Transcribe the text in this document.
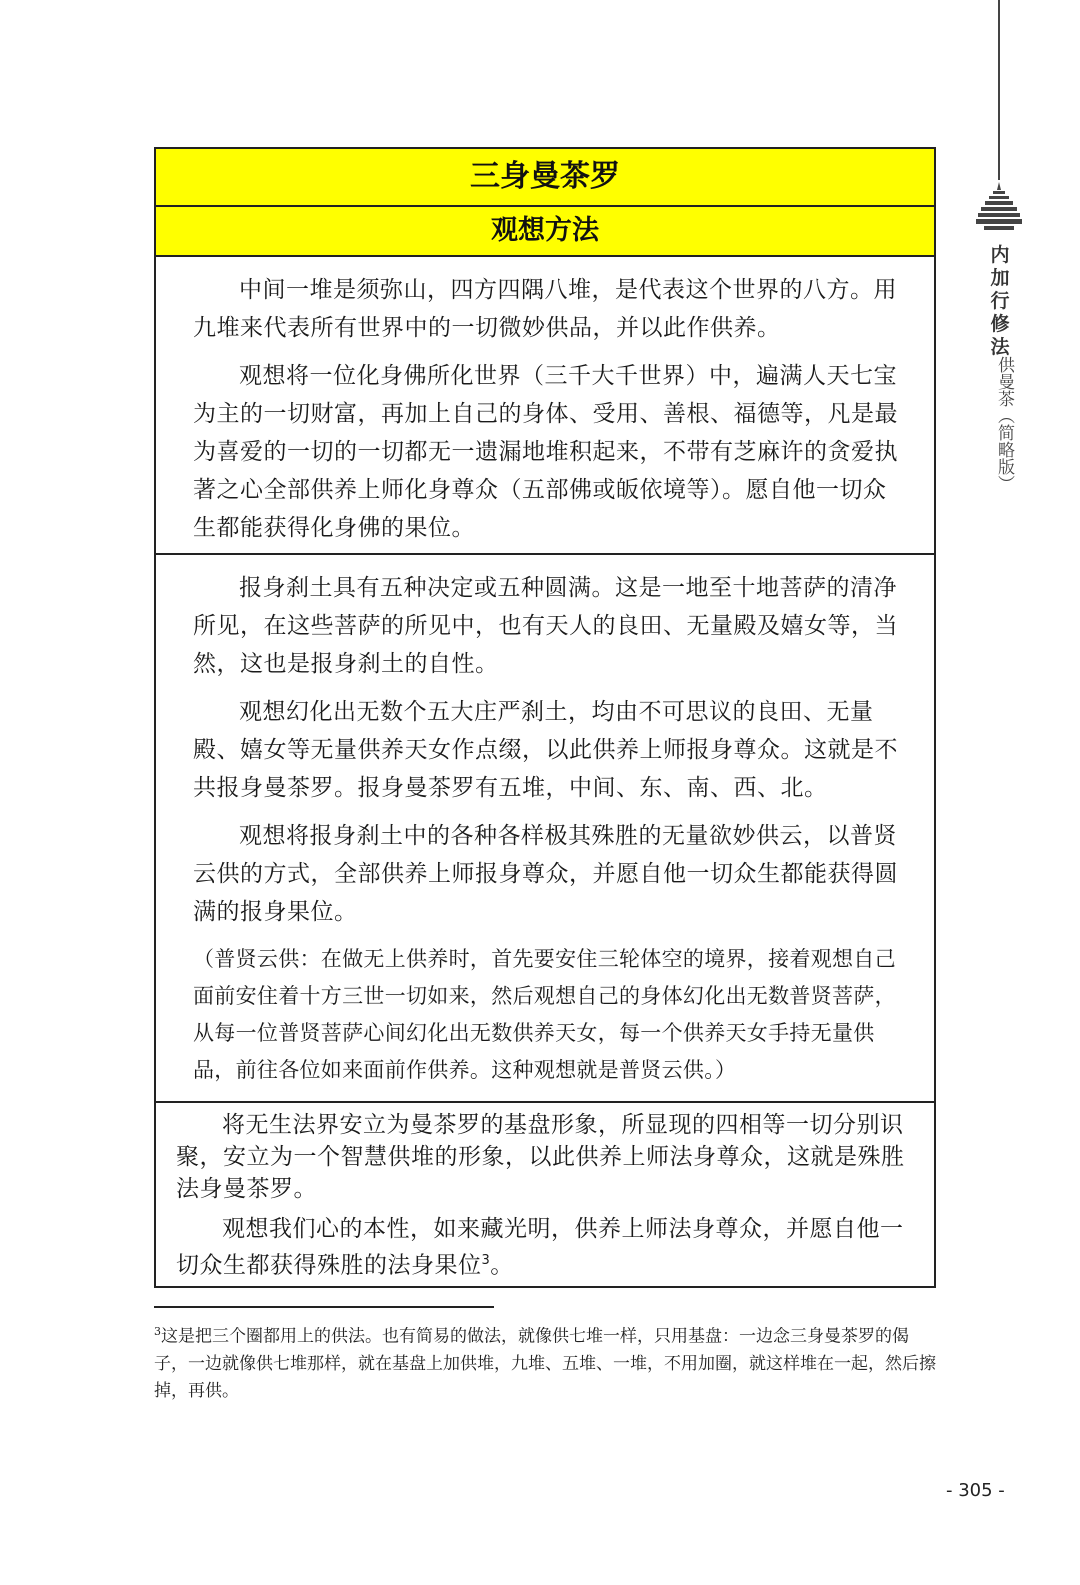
内
加
行
修
法
供曼茶（简略版）
三身曼茶罗
观想方法

中间一堆是须弥山，四方四隅八堆，是代表这个世界的八方。用九堆来代表所有世界中的一切微妙供品，并以此作供养。

观想将一位化身佛所化世界（三千大千世界）中，遍满人天七宝为主的一切财富，再加上自己的身体、受用、善根、福德等，凡是最为喜爱的一切的一切都无一遗漏地堆积起来，不带有芝麻许的贪爱执著之心全部供养上师化身尊众（五部佛或皈依境等）。愿自他一切众生都能获得化身佛的果位。

报身刹土具有五种决定或五种圆满。这是一地至十地菩萨的清净所见，在这些菩萨的所见中，也有天人的良田、无量殿及嬉女等，当然，这也是报身刹土的自性。

观想幻化出无数个五大庄严刹土，均由不可思议的良田、无量殿、嬉女等无量供养天女作点缀，以此供养上师报身尊众。这就是不共报身曼茶罗。报身曼茶罗有五堆，中间、东、南、西、北。

观想将报身刹土中的各种各样极其殊胜的无量欲妙供云，以普贤云供的方式，全部供养上师报身尊众，并愿自他一切众生都能获得圆满的报身果位。

（普贤云供：在做无上供养时，首先要安住三轮体空的境界，接着观想自己面前安住着十方三世一切如来，然后观想自己的身体幻化出无数普贤菩萨，从每一位普贤菩萨心间幻化出无数供养天女，每一个供养天女手持无量供品，前往各位如来面前作供养。这种观想就是普贤云供。）

将无生法界安立为曼茶罗的基盘形象，所显现的四相等一切分别识聚，安立为一个智慧供堆的形象，以此供养上师法身尊众，这就是殊胜法身曼茶罗。

观想我们心的本性，如来藏光明，供养上师法身尊众，并愿自他一切众生都获得殊胜的法身果位$^3$。

$^3$这是把三个圈都用上的供法。也有简易的做法，就像供七堆一样，只用基盘：一边念三身曼茶罗的偈子，一边就像供七堆那样，就在基盘上加供堆，九堆、五堆、一堆，不用加圈，就这样堆在一起，然后擦掉，再供。
- 305 -
